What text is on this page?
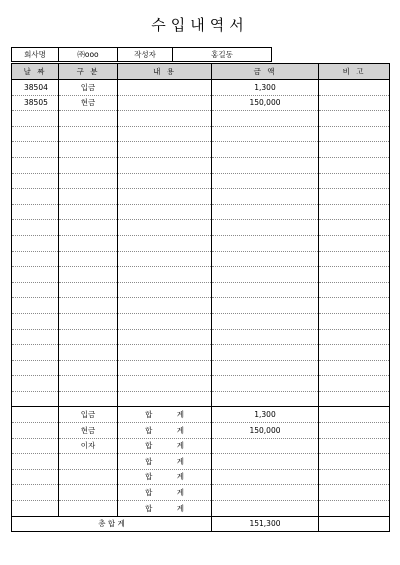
수입내역서
회사명	㈜ooo	작성자	홍길동
날 짜	구 분	내 용	금 액	비 고
38504	입금		1,300	
38505	현금		150,000	

	입금	합 계	1,300	
	현금	합 계	150,000	
	이자	합 계		
		합 계		
		합 계		
		합 계		
		합 계		
총 합 계			151,300	
